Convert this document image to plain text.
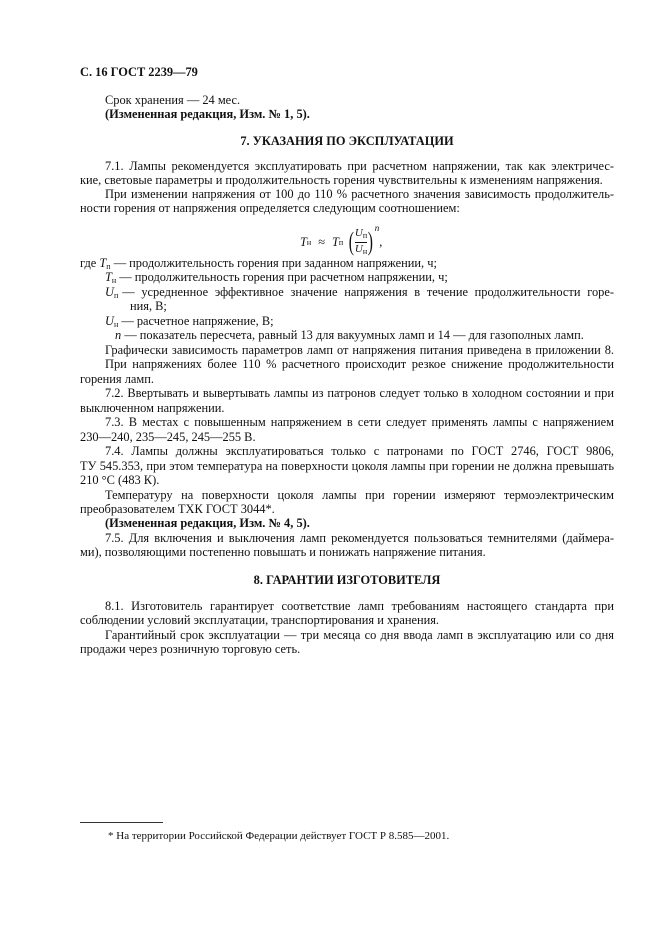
С. 16 ГОСТ 2239—79
Срок хранения — 24 мес.
(Измененная редакция, Изм. № 1, 5).
7. УКАЗАНИЯ ПО ЭКСПЛУАТАЦИИ
7.1. Лампы рекомендуется эксплуатировать при расчетном напряжении, так как электричес-
кие, световые параметры и продолжительность горения чувствительны к изменениям напряжения.
При изменении напряжения от 100 до 110 % расчетного значения зависимость продолжитель-
ности горения от напряжения определяется следующим соотношением:
T н ≈ T п ( $\frac{U_п}{U_н}$ ) n
,
где $T_п$ — продолжительность горения при заданном напряжении, ч;
$T_н$ — продолжительность горения при расчетном напряжении, ч;
$U_п$ — усредненное эффективное значение напряжения в течение продолжительности горе-
ния, В;
$U_н$ — расчетное напряжение, В;
n — показатель пересчета, равный 13 для вакуумных ламп и 14 — для газополных ламп.
Графически зависимость параметров ламп от напряжения питания приведена в приложении 8.
При напряжениях более 110 % расчетного происходит резкое снижение продолжительности
горения ламп.
7.2. Ввертывать и вывертывать лампы из патронов следует только в холодном состоянии и при
выключенном напряжении.
7.3. В местах с повышенным напряжением в сети следует применять лампы с напряжением
230—240, 235—245, 245—255 В.
7.4. Лампы должны эксплуатироваться только с патронами по ГОСТ 2746, ГОСТ 9806,
ТУ 545.353, при этом температура на поверхности цоколя лампы при горении не должна превышать
210 °С (483 К).
Температуру на поверхности цоколя лампы при горении измеряют термоэлектрическим
преобразователем ТХК ГОСТ 3044*.
(Измененная редакция, Изм. № 4, 5).
7.5. Для включения и выключения ламп рекомендуется пользоваться темнителями (даймера-
ми), позволяющими постепенно повышать и понижать напряжение питания.
8. ГАРАНТИИ ИЗГОТОВИТЕЛЯ
8.1. Изготовитель гарантирует соответствие ламп требованиям настоящего стандарта при
соблюдении условий эксплуатации, транспортирования и хранения.
Гарантийный срок эксплуатации — три месяца со дня ввода ламп в эксплуатацию или со дня
продажи через розничную торговую сеть.
* На территории Российской Федерации действует ГОСТ Р 8.585—2001.
